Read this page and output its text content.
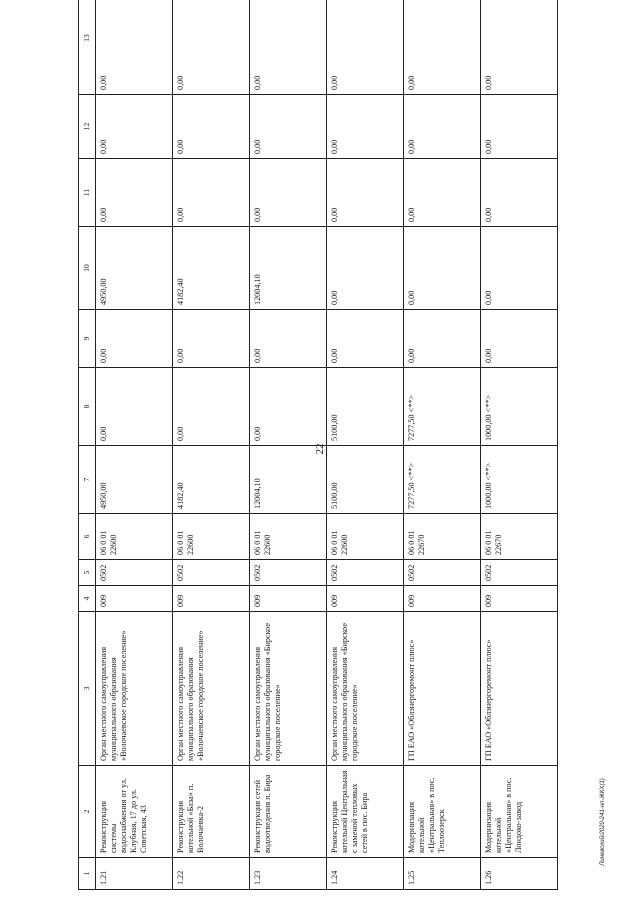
22
1	2	3	4	5	6	7	8	9	10	11	12	13
1.21	Реконструкция системы водоснабжения от ул. Клубная, 17 до ул. Советская, 43	Орган местного самоуправления муниципального образования «Волочаевское городское поселение»	009	0502	06 0 01 22600	4950,00	0,00	0,00	4950,00	0,00	0,00	0,00
1.22	Реконструкция котельной «База» п. Волочаевка-2	Орган местного самоуправления муниципального образования «Волочаевское городское поселение»	009	0502	06 0 01 22600	4182,40	0,00	0,00	4182,40	0,00	0,00	0,00
1.23	Реконструкция сетей водоотведения п. Бира	Орган местного самоуправления муниципального образования «Бирское городское поселение»	009	0502	06 0 01 22600	12004,10	0,00	0,00	12004,10	0,00	0,00	0,00
1.24	Реконструкция котельной Центральная с заменой тепловых сетей в пос. Бира	Орган местного самоуправления муниципального образования «Бирское городское поселение»	009	0502	06 0 01 22600	5100,00	5100,00	0,00	0,00	0,00	0,00	0,00
1.25	Модернизация котельной «Центральная» в пос. Теплоозерск	ГП ЕАО «Облэнергоремонт плюс»	009	0502	06 0 01 22670	7277,50 <**>	7277,50 <**>	0,00	0,00	0,00	0,00	0,00
1.26	Модернизация котельной «Центральная» в пос. Лондоко-завод	ГП ЕАО «Облэнергоремонт плюс»	009	0502	06 0 01 22670	1000,00 <**>	1000,00 <**>	0,00	0,00	0,00	0,00	0,00
Линевский/2020-241-нп-ЖКХ(1)
